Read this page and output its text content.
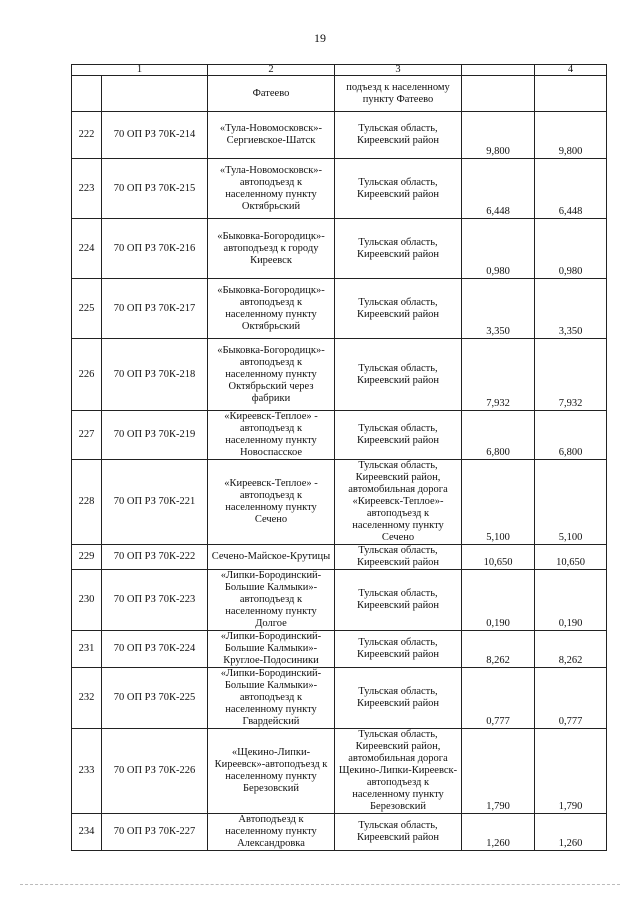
19
1		2	3		4
		Фатеево	подъезд к населенному пункту Фатеево		
222	70 ОП РЗ 70К-214	«Тула-Новомосковск»-Сергиевское-Шатск	Тульская область, Киреевский район	9,800	9,800
223	70 ОП РЗ 70К-215	«Тула-Новомосковск»-автоподъезд к населенному пункту Октябрьский	Тульская область, Киреевский район	6,448	6,448
224	70 ОП РЗ 70К-216	«Быковка-Богородицк»-автоподъезд к городу Киреевск	Тульская область, Киреевский район	0,980	0,980
225	70 ОП РЗ 70К-217	«Быковка-Богородицк»-автоподъезд к населенному пункту Октябрьский	Тульская область, Киреевский район	3,350	3,350
226	70 ОП РЗ 70К-218	«Быковка-Богородицк»-автоподъезд к населенному пункту Октябрьский через фабрики	Тульская область, Киреевский район	7,932	7,932
227	70 ОП РЗ 70К-219	«Киреевск-Теплое» - автоподъезд к населенному пункту Новоспасское	Тульская область, Киреевский район	6,800	6,800
228	70 ОП РЗ 70К-221	«Киреевск-Теплое» - автоподъезд к населенному пункту Сечено	Тульская область, Киреевский район, автомобильная дорога «Киреевск-Теплое»-автоподъезд к населенному пункту Сечено	5,100	5,100
229	70 ОП РЗ 70К-222	Сечено-Майское-Крутицы	Тульская область, Киреевский район	10,650	10,650
230	70 ОП РЗ 70К-223	«Липки-Бородинский-Большие Калмыки»-автоподъезд к населенному пункту Долгое	Тульская область, Киреевский район	0,190	0,190
231	70 ОП РЗ 70К-224	«Липки-Бородинский-Большие Калмыки»-Круглое-Подосиники	Тульская область, Киреевский район	8,262	8,262
232	70 ОП РЗ 70К-225	«Липки-Бородинский-Большие Калмыки»-автоподъезд к населенному пункту Гвардейский	Тульская область, Киреевский район	0,777	0,777
233	70 ОП РЗ 70К-226	«Щекино-Липки-Киреевск»-автоподъезд к населенному пункту Березовский	Тульская область, Киреевский район, автомобильная дорога Щекино-Липки-Киреевск-автоподъезд к населенному пункту Березовский	1,790	1,790
234	70 ОП РЗ 70К-227	Автоподъезд к населенному пункту Александровка	Тульская область, Киреевский район	1,260	1,260
